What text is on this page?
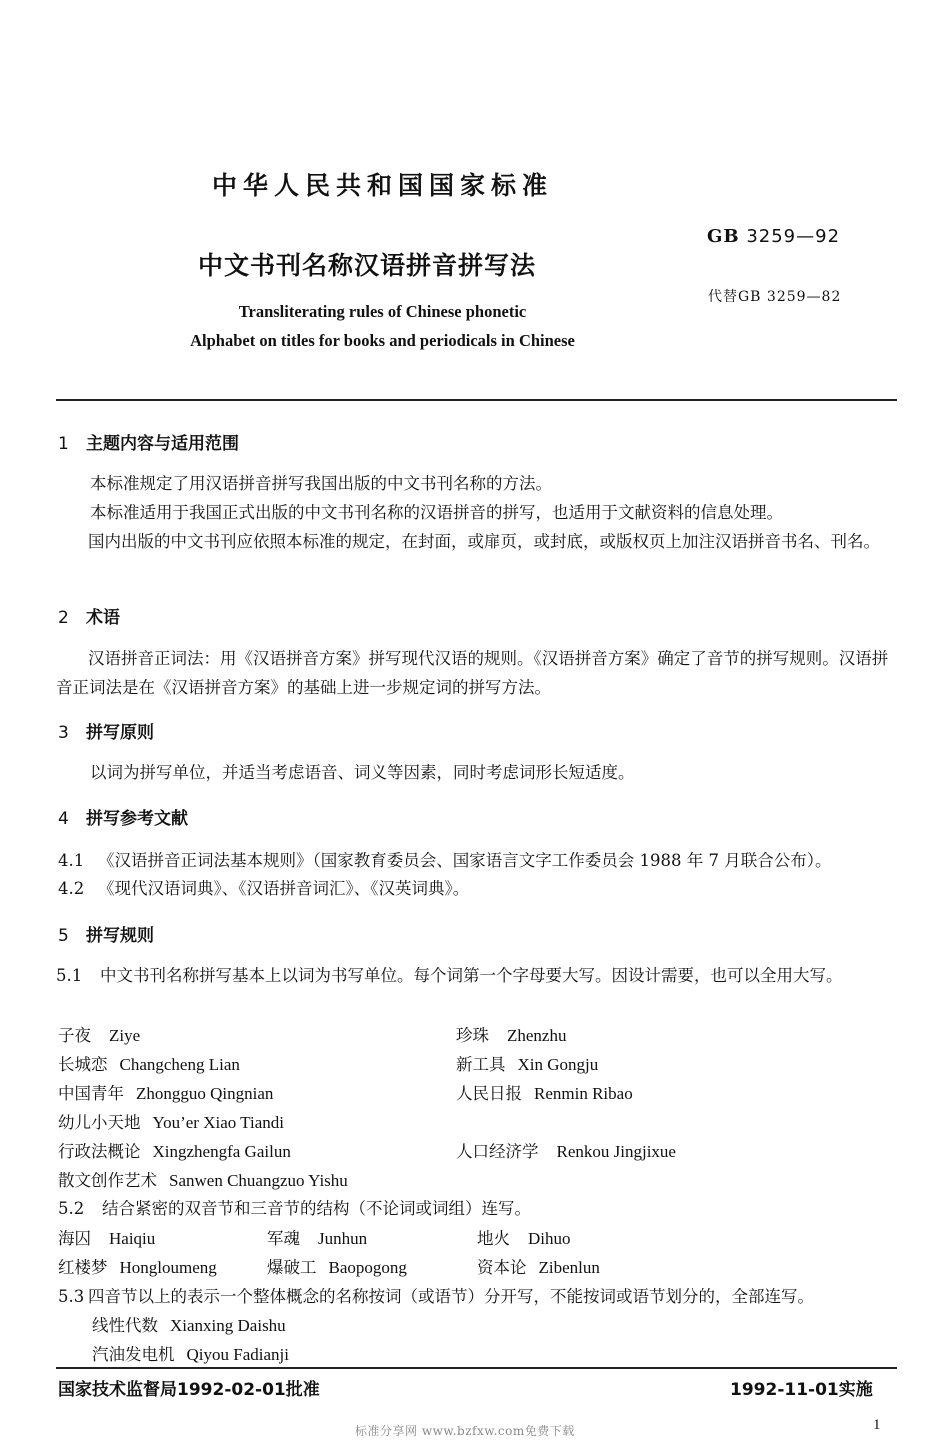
中华人民共和国国家标准
GB 3259—92
中文书刊名称汉语拼音拼写法
代替GB 3259—82
Transliterating rules of Chinese phonetic
Alphabet on titles for books and periodicals in Chinese
1 主题内容与适用范围
本标准规定了用汉语拼音拼写我国出版的中文书刊名称的方法。
本标准适用于我国正式出版的中文书刊名称的汉语拼音的拼写，也适用于文献资料的信息处理。
国内出版的中文书刊应依照本标准的规定，在封面，或扉页，或封底，或版权页上加注汉语拼音书名、刊名。
2 术语
汉语拼音正词法：用《汉语拼音方案》拼写现代汉语的规则。《汉语拼音方案》确定了音节的拼写规则。汉语拼音正词法是在《汉语拼音方案》的基础上进一步规定词的拼写方法。
3 拼写原则
以词为拼写单位，并适当考虑语音、词义等因素，同时考虑词形长短适度。
4 拼写参考文献
4.1 《汉语拼音正词法基本规则》（国家教育委员会、国家语言文字工作委员会 1988 年 7 月联合公布）。
4.2 《现代汉语词典》、《汉语拼音词汇》、《汉英词典》。
5 拼写规则
5.1 中文书刊名称拼写基本上以词为书写单位。每个词第一个字母要大写。因设计需要，也可以全用大写。
子夜 Ziye	珍珠 Zhenzhu
长城恋 Changcheng Lian	新工具 Xin Gongju
中国青年 Zhongguo Qingnian	人民日报 Renmin Ribao
幼儿小天地 You’er Xiao Tiandi
行政法概论 Xingzhengfa Gailun	人口经济学 Renkou Jingjixue
散文创作艺术 Sanwen Chuangzuo Yishu
5.2 结合紧密的双音节和三音节的结构（不论词或词组）连写。
海囚 Haiqiu	军魂 Junhun	地火 Dihuo
红楼梦 Hongloumeng	爆破工 Baopogong	资本论 Zibenlun
5.3 四音节以上的表示一个整体概念的名称按词（或语节）分开写，不能按词或语节划分的，全部连写。
线性代数 Xianxing Daishu
汽油发电机 Qiyou Fadianji
国家技术监督局1992-02-01批准	1992-11-01实施
标准分享网 www.bzfxw.com免费下载	1
